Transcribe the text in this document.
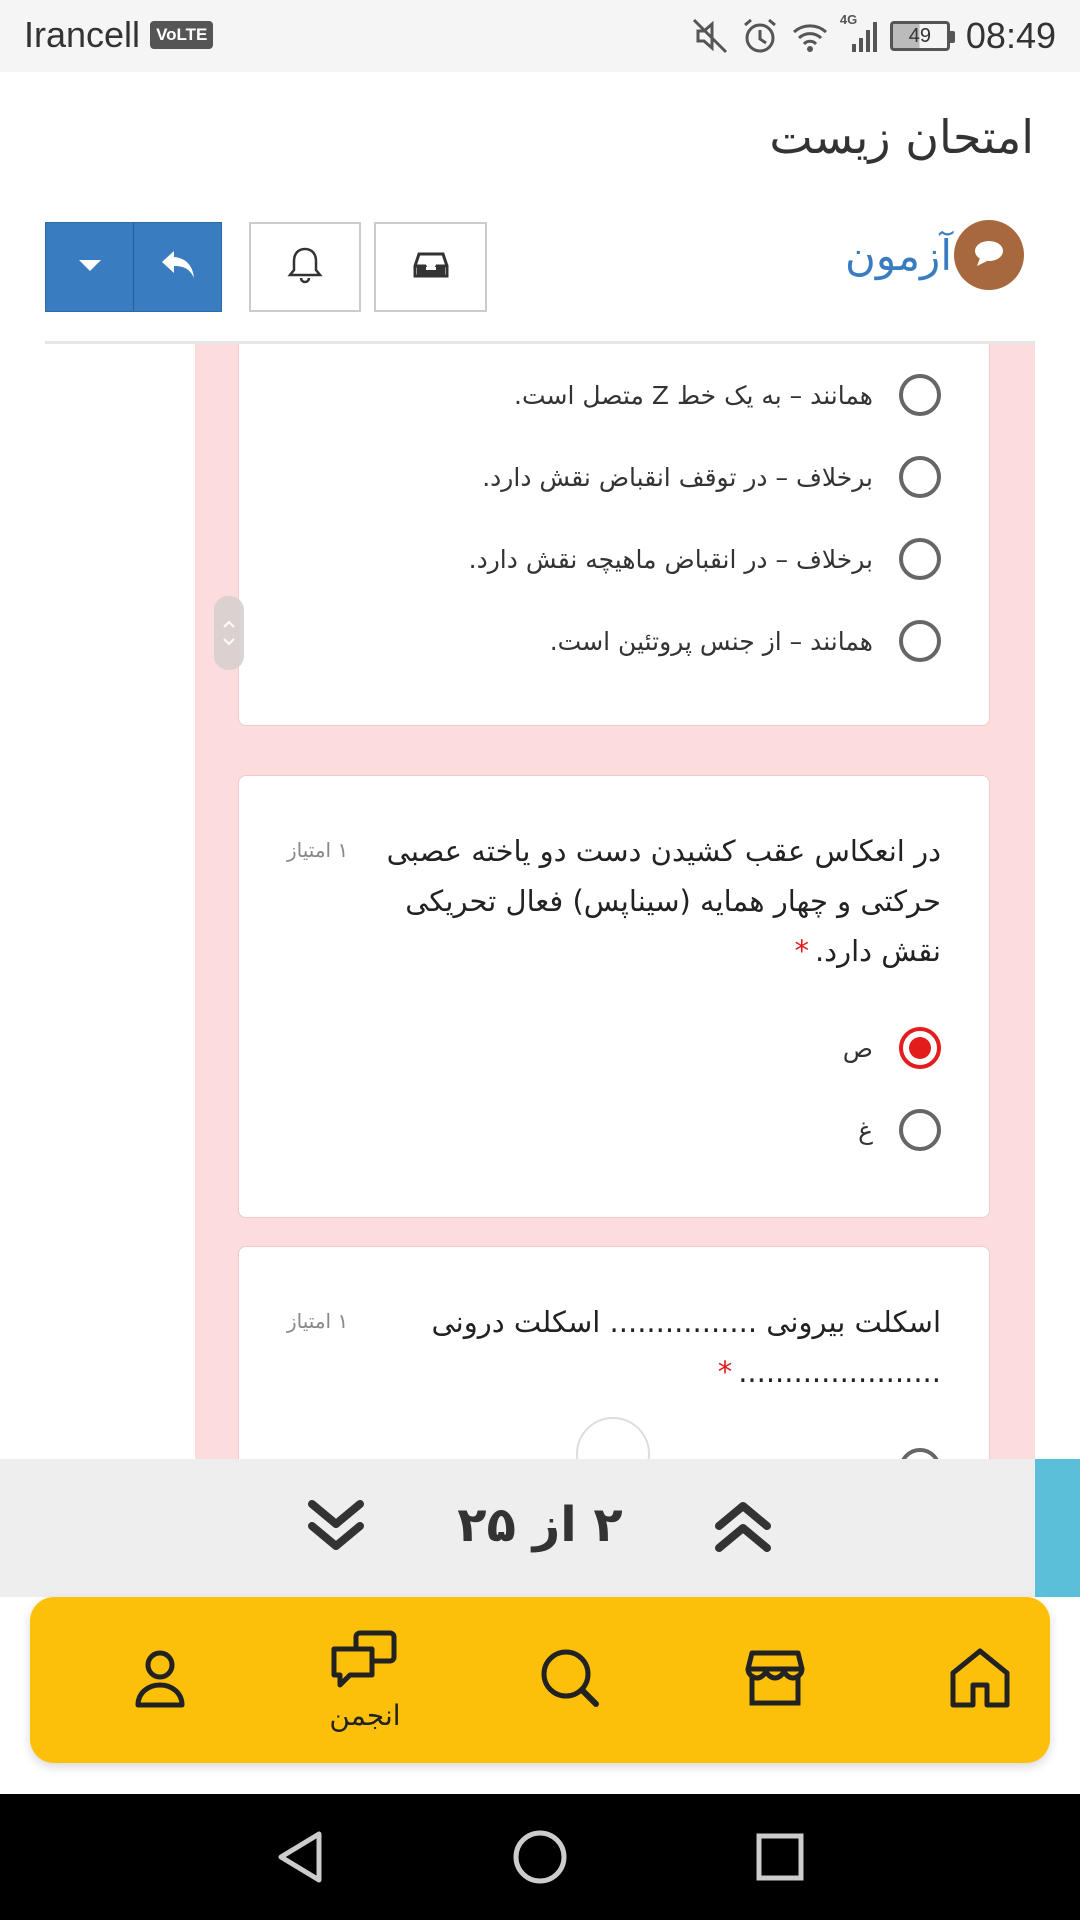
Irancell VoLTE
4G
49 08:49
امتحان زیست
آزمون
همانند – به یک خط Z متصل است.
برخلاف – در توقف انقباض نقش دارد.
برخلاف – در انقباض ماهیچه نقش دارد.
همانند – از جنس پروتئین است.
در انعکاس عقب کشیدن دست دو یاخته عصبی
حرکتی و چهار همایه (سیناپس) فعال تحریکی
نقش دارد.*
۱ امتیاز
ص
غ
اسکلت بیرونی ................ اسکلت درونی
......................*
۱ امتیاز
۲ از ۲۵
انجمن
